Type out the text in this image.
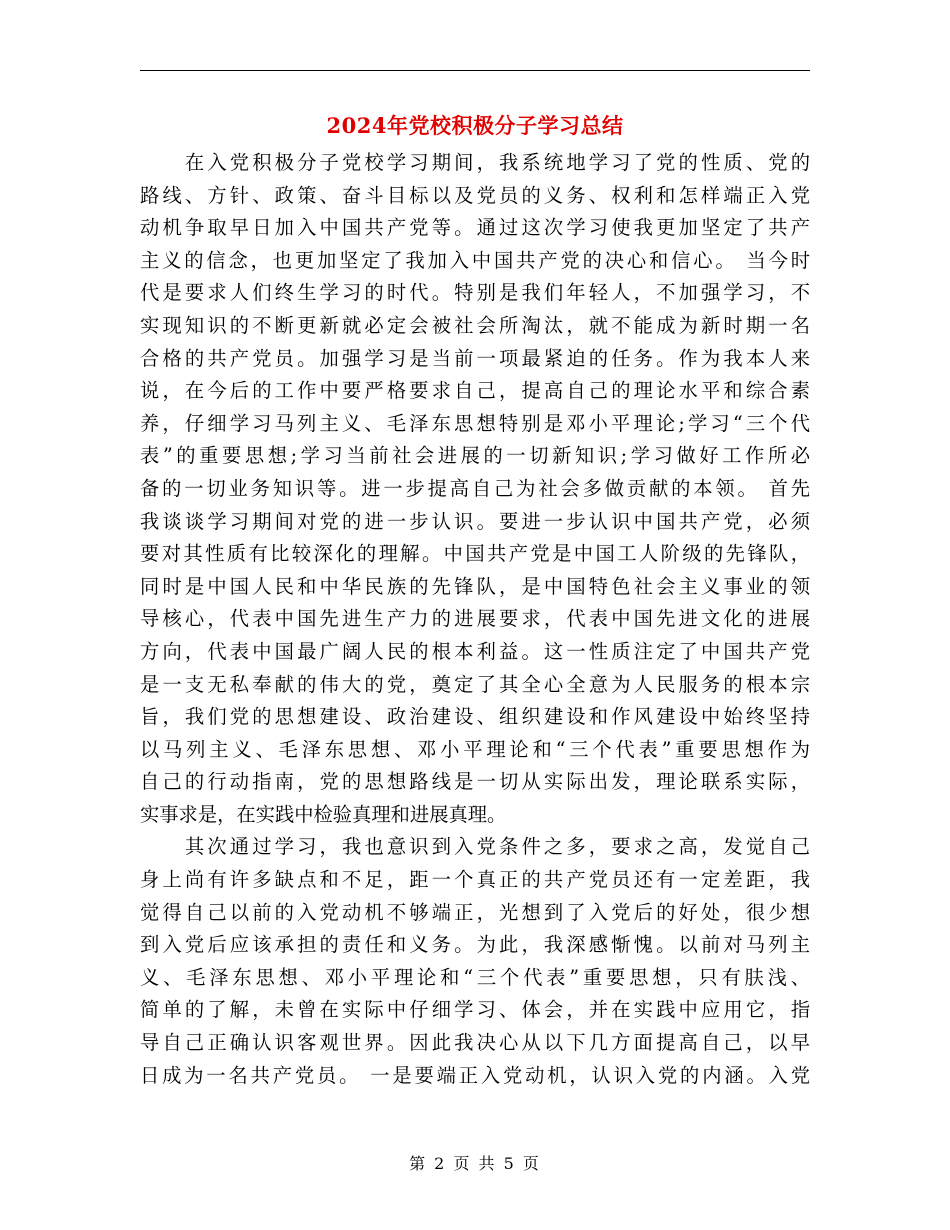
2024年党校积极分子学习总结
　　在入党积极分子党校学习期间，我系统地学习了党的性质、党的
路线、方针、政策、奋斗目标以及党员的义务、权利和怎样端正入党
动机争取早日加入中国共产党等。通过这次学习使我更加坚定了共产
主义的信念，也更加坚定了我加入中国共产党的决心和信心。 当今时
代是要求人们终生学习的时代。特别是我们年轻人，不加强学习，不
实现知识的不断更新就必定会被社会所淘汰，就不能成为新时期一名
合格的共产党员。加强学习是当前一项最紧迫的任务。作为我本人来
说，在今后的工作中要严格要求自己，提高自己的理论水平和综合素
养，仔细学习马列主义、毛泽东思想特别是邓小平理论;学习“三个代
表”的重要思想;学习当前社会进展的一切新知识;学习做好工作所必
备的一切业务知识等。进一步提高自己为社会多做贡献的本领。 首先
我谈谈学习期间对党的进一步认识。要进一步认识中国共产党，必须
要对其性质有比较深化的理解。中国共产党是中国工人阶级的先锋队，
同时是中国人民和中华民族的先锋队，是中国特色社会主义事业的领
导核心，代表中国先进生产力的进展要求，代表中国先进文化的进展
方向，代表中国最广阔人民的根本利益。这一性质注定了中国共产党
是一支无私奉献的伟大的党，奠定了其全心全意为人民服务的根本宗
旨，我们党的思想建设、政治建设、组织建设和作风建设中始终坚持
以马列主义、毛泽东思想、邓小平理论和“三个代表”重要思想作为
自己的行动指南，党的思想路线是一切从实际出发，理论联系实际，
实事求是，在实践中检验真理和进展真理。
　　其次通过学习，我也意识到入党条件之多，要求之高，发觉自己
身上尚有许多缺点和不足，距一个真正的共产党员还有一定差距，我
觉得自己以前的入党动机不够端正，光想到了入党后的好处，很少想
到入党后应该承担的责任和义务。为此，我深感惭愧。以前对马列主
义、毛泽东思想、邓小平理论和“三个代表”重要思想，只有肤浅、
简单的了解，未曾在实际中仔细学习、体会，并在实践中应用它，指
导自己正确认识客观世界。因此我决心从以下几方面提高自己，以早
日成为一名共产党员。 一是要端正入党动机，认识入党的内涵。入党
第 2 页 共 5 页
